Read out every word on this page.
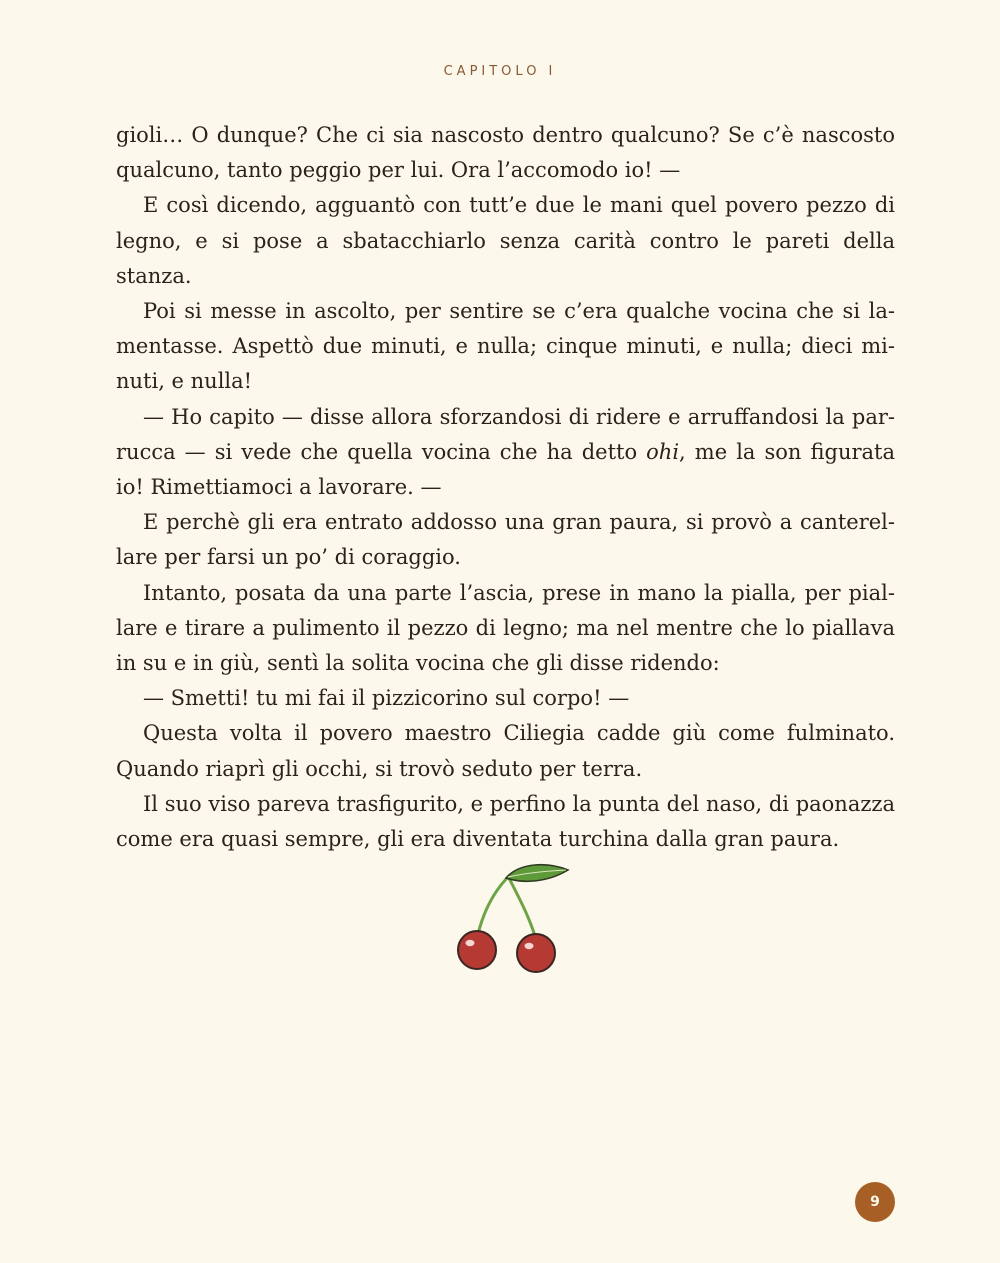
CAPITOLO I

gioli… O dunque? Che ci sia nascosto dentro qualcuno? Se c’è nascosto qualcuno, tanto peggio per lui. Ora l’accomodo io! —

E così dicendo, agguantò con tutt’e due le mani quel povero pezzo di legno, e si pose a sbatacchiarlo senza carità contro le pareti della stanza.

Poi si messe in ascolto, per sentire se c’era qualche vocina che si lamentasse. Aspettò due minuti, e nulla; cinque minuti, e nulla; dieci minuti, e nulla!

— Ho capito — disse allora sforzandosi di ridere e arruffandosi la parrucca — si vede che quella vocina che ha detto ohi, me la son figurata io! Rimettiamoci a lavorare. —

E perchè gli era entrato addosso una gran paura, si provò a canterellare per farsi un po’ di coraggio.

Intanto, posata da una parte l’ascia, prese in mano la pialla, per piallare e tirare a pulimento il pezzo di legno; ma nel mentre che lo piallava in su e in giù, sentì la solita vocina che gli disse ridendo:

— Smetti! tu mi fai il pizzicorino sul corpo! —

Questa volta il povero maestro Ciliegia cadde giù come fulminato. Quando riaprì gli occhi, si trovò seduto per terra.

Il suo viso pareva trasfigurito, e perfino la punta del naso, di paonazza come era quasi sempre, gli era diventata turchina dalla gran paura.

9
